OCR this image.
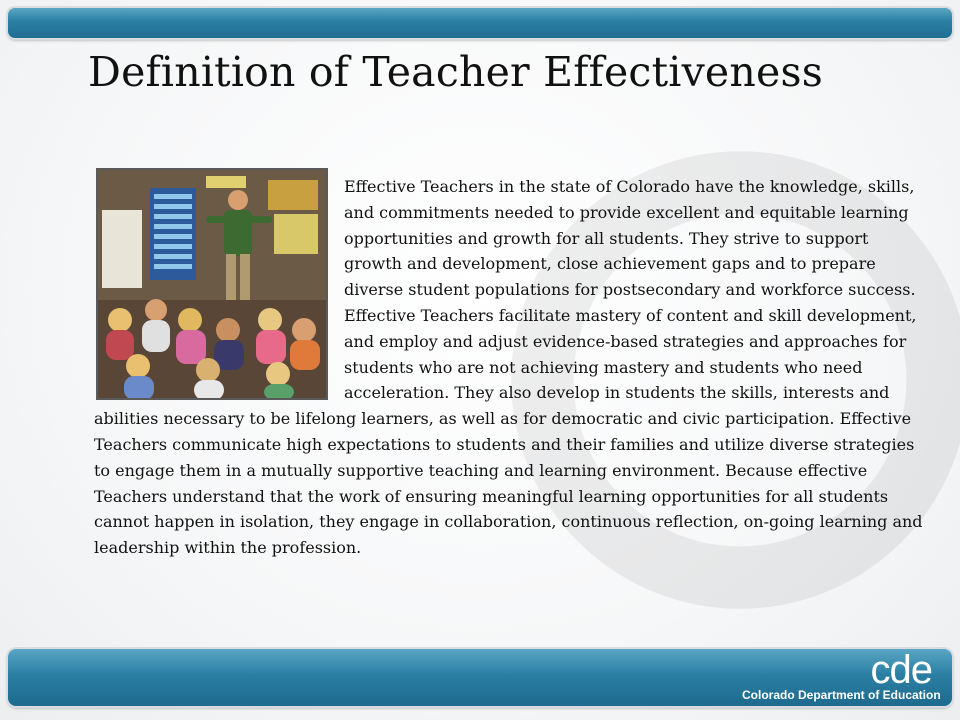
Definition of Teacher Effectiveness

Effective Teachers in the state of Colorado have the knowledge, skills, and commitments needed to provide excellent and equitable learning opportunities and growth for all students. They strive to support growth and development, close achievement gaps and to prepare diverse student populations for postsecondary and workforce success. Effective Teachers facilitate mastery of content and skill development, and employ and adjust evidence-based strategies and approaches for students who are not achieving mastery and students who need acceleration. They also develop in students the skills, interests and abilities necessary to be lifelong learners, as well as for democratic and civic participation. Effective Teachers communicate high expectations to students and their families and utilize diverse strategies to engage them in a mutually supportive teaching and learning environment. Because effective Teachers understand that the work of ensuring meaningful learning opportunities for all students cannot happen in isolation, they engage in collaboration, continuous reflection, on-going learning and leadership within the profession.

cde
Colorado Department of Education
